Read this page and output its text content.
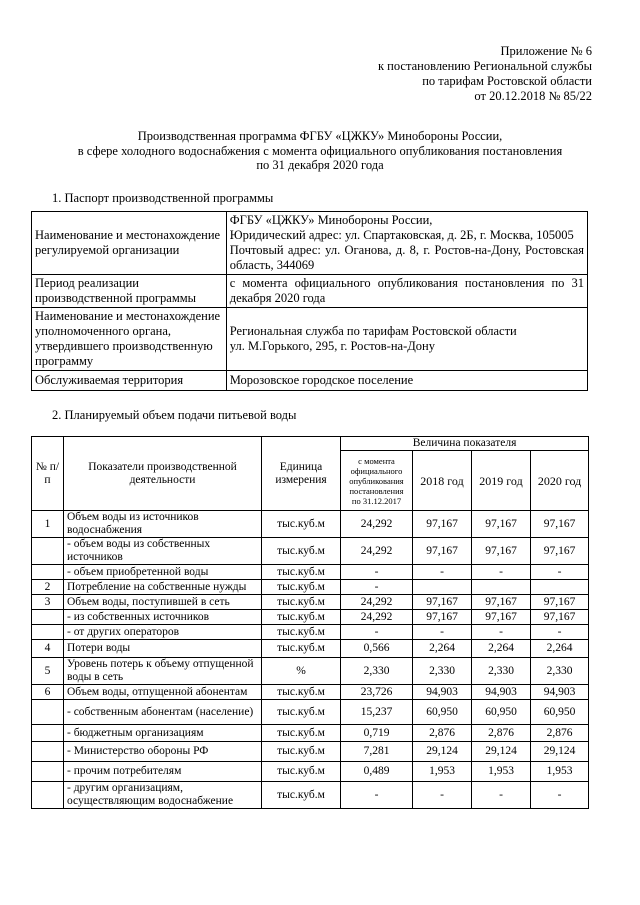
Приложение № 6
к постановлению Региональной службы
по тарифам Ростовской области
от 20.12.2018 № 85/22
Производственная программа ФГБУ «ЦЖКУ» Минобороны России,
в сфере холодного водоснабжения с момента официального опубликования постановления
по 31 декабря 2020 года
1. Паспорт производственной программы
Наименование и местонахождение регулируемой организации	ФГБУ «ЦЖКУ» Минобороны России,
Юридический адрес: ул. Спартаковская, д. 2Б, г. Москва, 105005
Почтовый адрес: ул. Оганова, д. 8, г. Ростов-на-Дону, Ростовская область, 344069

Период реализации производственной программы	с момента официального опубликования постановления по 31 декабря 2020 года

Наименование и местонахождение уполномоченного органа, утвердившего производственную программу	Региональная служба по тарифам Ростовской области
ул. М.Горького, 295, г. Ростов-на-Дону

Обслуживаемая территория	Морозовское городское поселение
2. Планируемый объем подачи питьевой воды
№ п/п	Показатели производственной деятельности	Единица измерения	Величина показателя			
			с момента официального опубликования постановления по 31.12.2017	2018 год	2019 год	2020 год
1	Объем воды из источников водоснабжения	тыс.куб.м	24,292	97,167	97,167	97,167
	- объем воды из собственных источников	тыс.куб.м	24,292	97,167	97,167	97,167
	- объем приобретенной воды	тыс.куб.м	-	-	-	-
2	Потребление на собственные нужды	тыс.куб.м	-			
3	Объем воды, поступившей в сеть	тыс.куб.м	24,292	97,167	97,167	97,167
	- из собственных источников	тыс.куб.м	24,292	97,167	97,167	97,167
	- от других операторов	тыс.куб.м	-	-	-	-
4	Потери воды	тыс.куб.м	0,566	2,264	2,264	2,264
5	Уровень потерь к объему отпущенной воды в сеть	%	2,330	2,330	2,330	2,330
6	Объем воды, отпущенной абонентам	тыс.куб.м	23,726	94,903	94,903	94,903
	- собственным абонентам (население)	тыс.куб.м	15,237	60,950	60,950	60,950
	- бюджетным организациям	тыс.куб.м	0,719	2,876	2,876	2,876
	- Министерство обороны РФ	тыс.куб.м	7,281	29,124	29,124	29,124
	- прочим потребителям	тыс.куб.м	0,489	1,953	1,953	1,953
	- другим организациям, осуществляющим водоснабжение	тыс.куб.м	-	-	-	-
